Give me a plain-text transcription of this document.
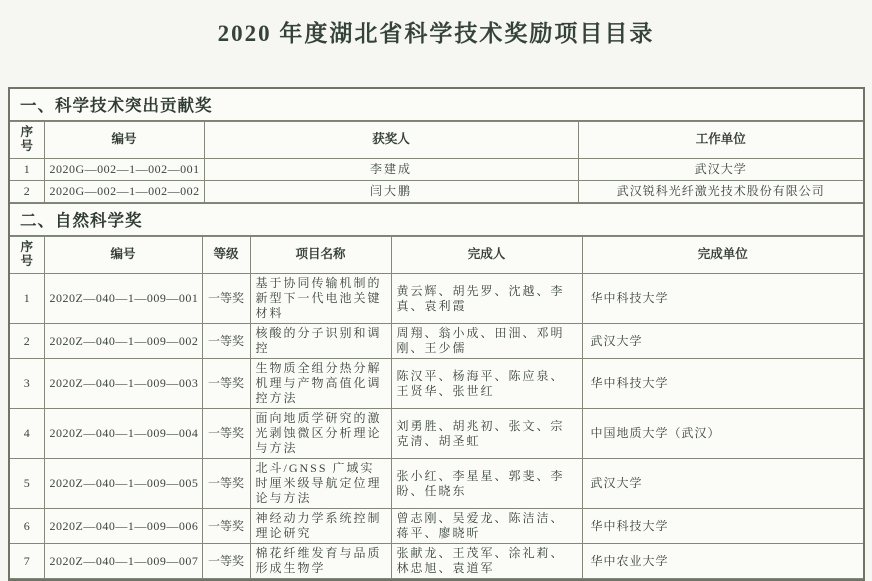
2020 年度湖北省科学技术奖励项目目录
一、科学技术突出贡献奖
序号	编号	获奖人	工作单位
1	2020G—002—1—002—001	李建成	武汉大学
2	2020G—002—1—002—002	闫大鹏	武汉锐科光纤激光技术股份有限公司
二、自然科学奖
序号	编号	等级	项目名称	完成人	完成单位
1	2020Z—040—1—009—001	一等奖	基于协同传输机制的新型下一代电池关键材料	黄云辉、胡先罗、沈越、李真、袁利霞	华中科技大学
2	2020Z—040—1—009—002	一等奖	核酸的分子识别和调控	周翔、翁小成、田沺、邓明刚、王少儒	武汉大学
3	2020Z—040—1—009—003	一等奖	生物质全组分热分解机理与产物高值化调控方法	陈汉平、杨海平、陈应泉、王贤华、张世红	华中科技大学
4	2020Z—040—1—009—004	一等奖	面向地质学研究的激光剥蚀微区分析理论与方法	刘勇胜、胡兆初、张文、宗克清、胡圣虹	中国地质大学（武汉）
5	2020Z—040—1—009—005	一等奖	北斗/GNSS 广域实时厘米级导航定位理论与方法	张小红、李星星、郭斐、李盼、任晓东	武汉大学
6	2020Z—040—1—009—006	一等奖	神经动力学系统控制理论研究	曾志刚、吴爱龙、陈洁洁、蒋平、廖晓昕	华中科技大学
7	2020Z—040—1—009—007	一等奖	棉花纤维发育与品质形成生物学	张献龙、王茂军、涂礼莉、林忠旭、袁道军	华中农业大学
